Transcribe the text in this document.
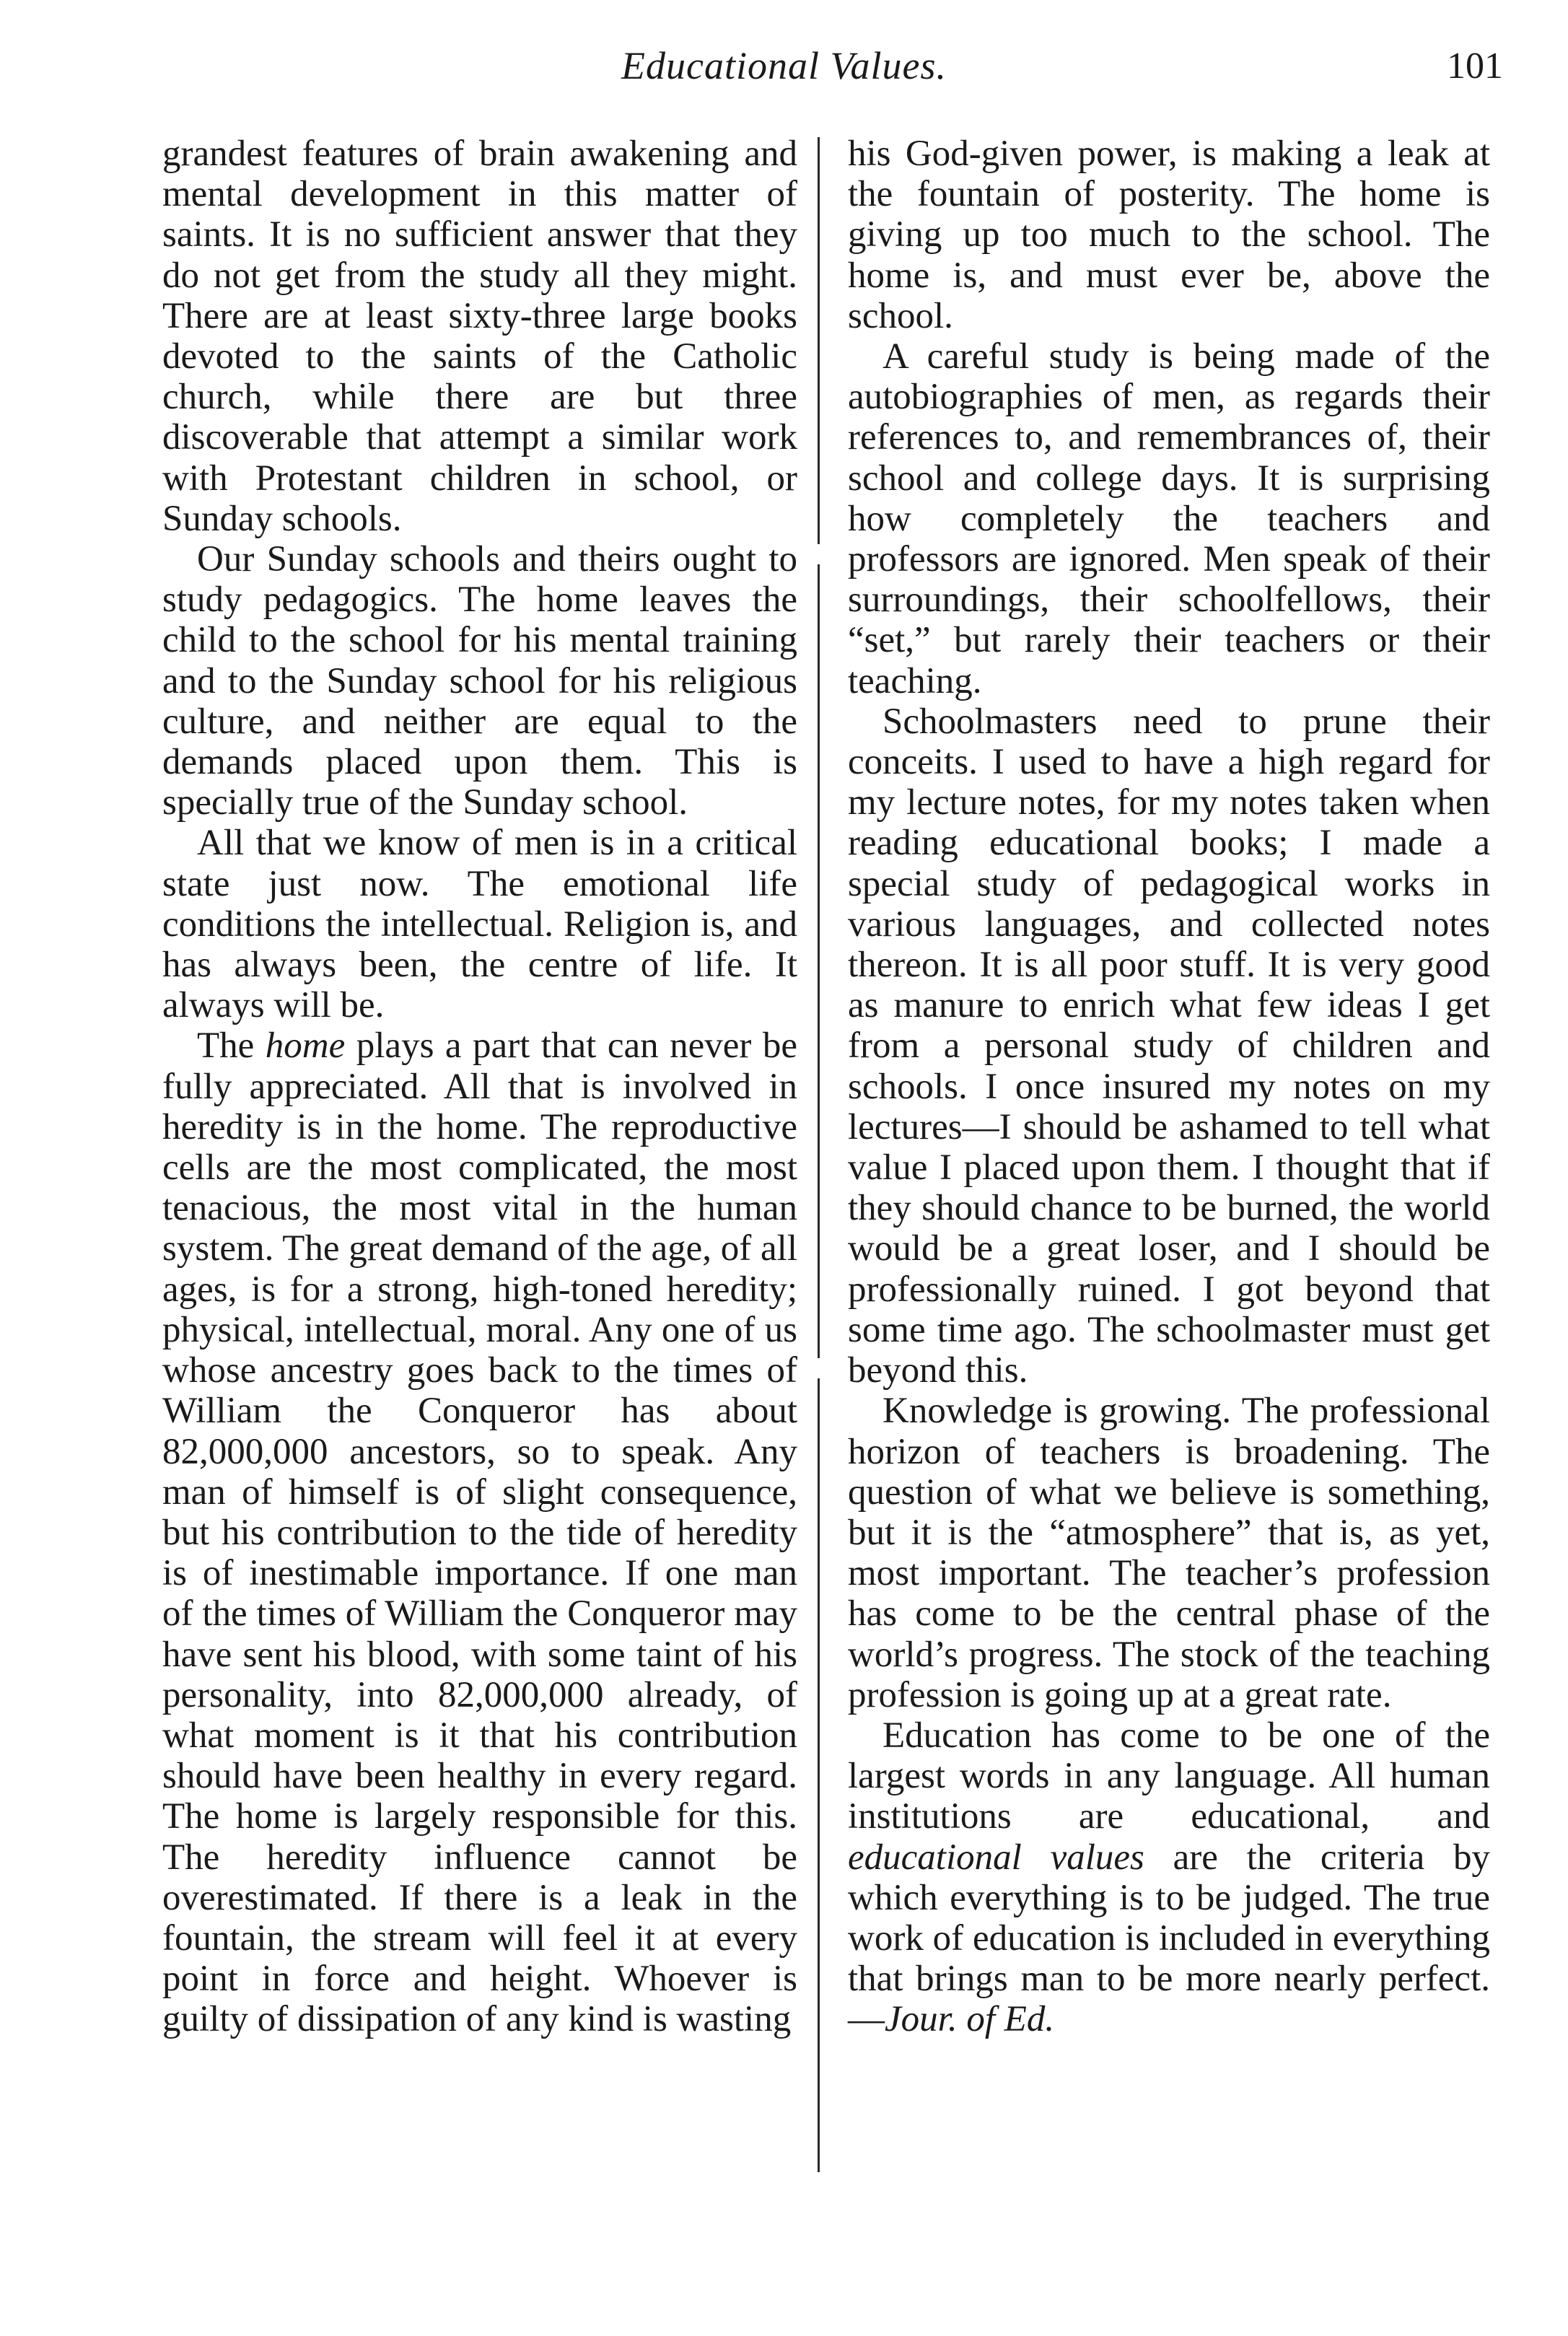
Educational Values.	101

grandest features of brain awakening and mental development in this matter of saints. It is no sufficient answer that they do not get from the study all they might. There are at least sixty-three large books devoted to the saints of the Catholic church, while there are but three discoverable that attempt a similar work with Protestant children in school, or Sunday schools.

Our Sunday schools and theirs ought to study pedagogics. The home leaves the child to the school for his mental training and to the Sunday school for his religious culture, and neither are equal to the demands placed upon them. This is specially true of the Sunday school.

All that we know of men is in a critical state just now. The emotional life conditions the intellectual. Religion is, and has always been, the centre of life. It always will be.

The home plays a part that can never be fully appreciated. All that is involved in heredity is in the home. The reproductive cells are the most complicated, the most tenacious, the most vital in the human system. The great demand of the age, of all ages, is for a strong, high-toned heredity; physical, intellectual, moral. Any one of us whose ancestry goes back to the times of William the Conqueror has about 82,000,000 ancestors, so to speak. Any man of himself is of slight consequence, but his contribution to the tide of heredity is of inestimable importance. If one man of the times of William the Conqueror may have sent his blood, with some taint of his personality, into 82,000,000 already, of what moment is it that his contribution should have been healthy in every regard. The home is largely responsible for this. The heredity influence cannot be overestimated. If there is a leak in the fountain, the stream will feel it at every point in force and height. Whoever is guilty of dissipation of any kind is wasting

his God-given power, is making a leak at the fountain of posterity. The home is giving up too much to the school. The home is, and must ever be, above the school.

A careful study is being made of the autobiographies of men, as regards their references to, and remembrances of, their school and college days. It is surprising how completely the teachers and professors are ignored. Men speak of their surroundings, their schoolfellows, their “set,” but rarely their teachers or their teaching.

Schoolmasters need to prune their conceits. I used to have a high regard for my lecture notes, for my notes taken when reading educational books; I made a special study of pedagogical works in various languages, and collected notes thereon. It is all poor stuff. It is very good as manure to enrich what few ideas I get from a personal study of children and schools. I once insured my notes on my lectures—I should be ashamed to tell what value I placed upon them. I thought that if they should chance to be burned, the world would be a great loser, and I should be professionally ruined. I got beyond that some time ago. The schoolmaster must get beyond this.

Knowledge is growing. The professional horizon of teachers is broadening. The question of what we believe is something, but it is the “atmosphere” that is, as yet, most important. The teacher’s profession has come to be the central phase of the world’s progress. The stock of the teaching profession is going up at a great rate.

Education has come to be one of the largest words in any language. All human institutions are educational, and educational values are the criteria by which everything is to be judged. The true work of education is included in everything that brings man to be more nearly perfect.—Jour. of Ed.
